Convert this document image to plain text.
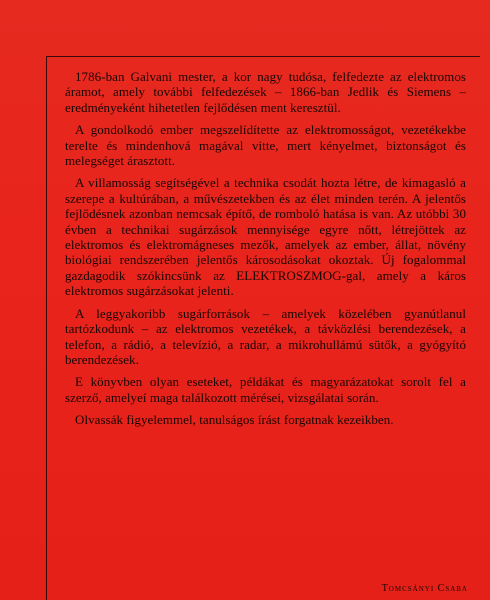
1786-ban Galvani mester, a kor nagy tudósa, felfedezte az elektromos áramot, amely további felfedezések – 1866-ban Jedlik és Siemens – eredményeként hihetetlen fejlődésen ment keresztül.

A gondolkodó ember megszelídítette az elektromosságot, vezetékekbe terelte és mindenhová magával vitte, mert kényelmet, biztonságot és melegséget árasztott.

A villamosság segítségével a technika csodát hozta létre, de kimagasló a szerepe a kultúrában, a művészetekben és az élet minden terén. A jelentős fejlődésnek azonban nemcsak építő, de romboló hatása is van. Az utóbbi 30 évben a technikai sugárzások mennyisége egyre nőtt, létrejöttek az elektromos és elektromágneses mezők, amelyek az ember, állat, növény biológiai rendszerében jelentős károsodásokat okoztak. Új fogalommal gazdagodik szókincsünk az ELEKTROSZMOG-gal, amely a káros elektromos sugárzásokat jelenti.

A leggyakoribb sugárforrások – amelyek közelében gyanútlanul tartózkodunk – az elektromos vezetékek, a távközlési berendezések, a telefon, a rádió, a televízió, a radar, a mikrohullámú sütők, a gyógyító berendezések.

E könyvben olyan eseteket, példákat és magyarázatokat sorolt fel a szerző, amelyeí maga találkozott mérései, vizsgálatai során.

Olvassák figyelemmel, tanulságos írást forgatnak kezeikben.

Tomcsányi Csaba
